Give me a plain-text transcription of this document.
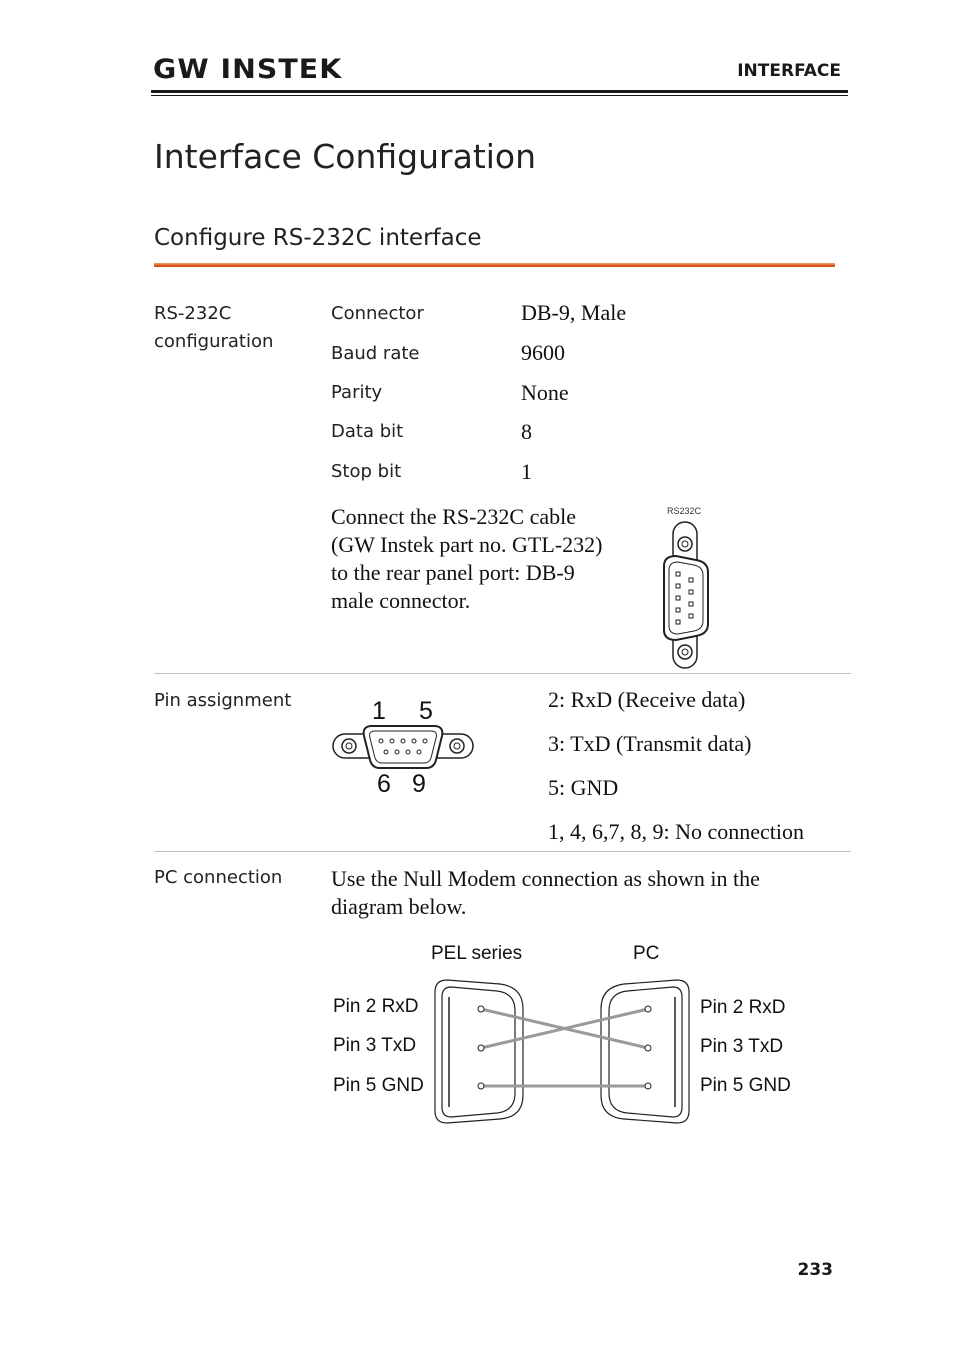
GW INSTEK	INTERFACE
Interface Configuration
Configure RS-232C interface
RS-232C
configuration
Connector	DB-9, Male
Baud rate	9600
Parity	None
Data bit	8
Stop bit	1
Connect the RS-232C cable
(GW Instek part no. GTL-232)
to the rear panel port: DB-9
male connector.
RS232C
Pin assignment	1 5
6 9
2: RxD (Receive data)
3: TxD (Transmit data)
5: GND
1, 4, 6,7, 8, 9: No connection
PC connection Use the Null Modem connection as shown in the
diagram below.
PEL series	PC
Pin 2 RxD
Pin 3 TxD
Pin 5 GND
Pin 2 RxD
Pin 3 TxD
Pin 5 GND
233
